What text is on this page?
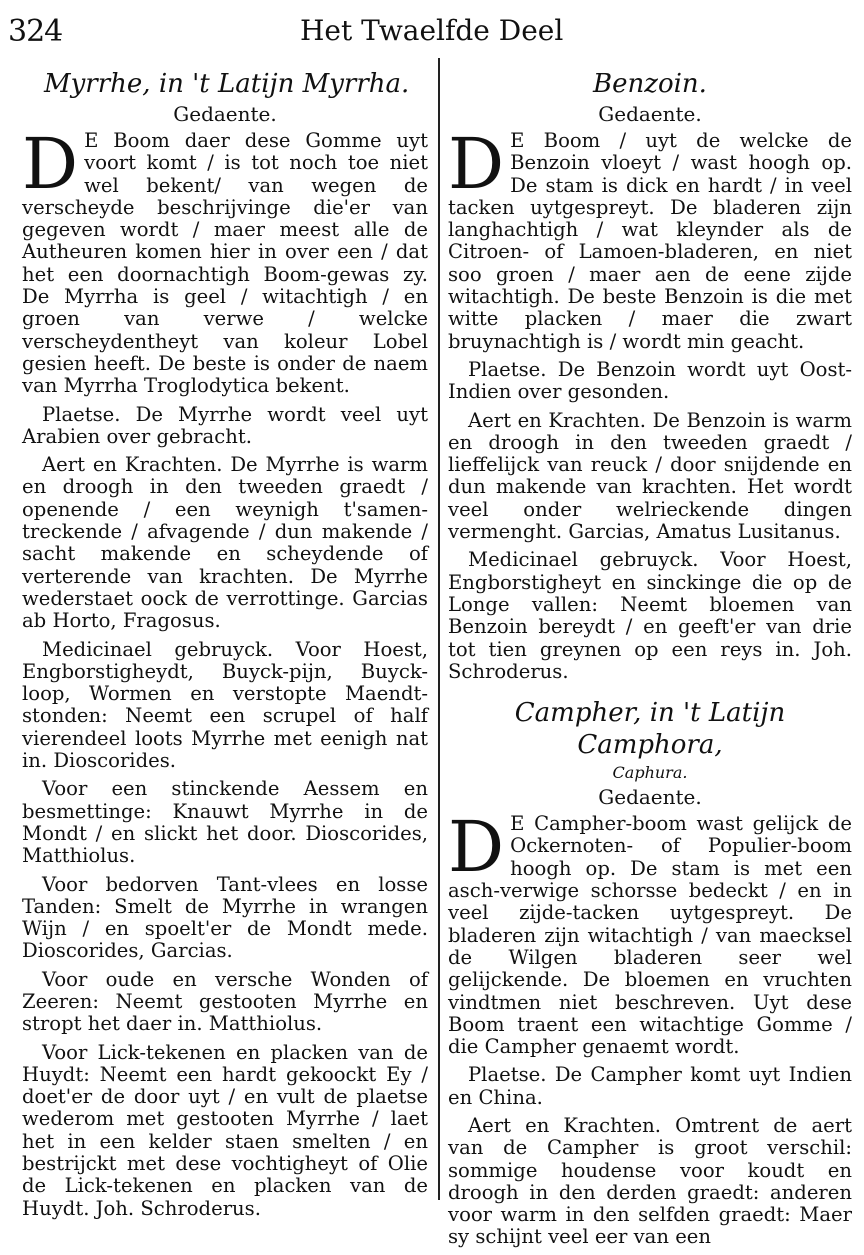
324	Het Twaelfde Deel
Myrrhe, in 't Latijn Myrrha.
Gedaente.

D E Boom daer dese Gomme uyt voort komt / is tot noch toe niet wel bekent/ van wegen de verscheyde beschrijvinge die'er van gegeven wordt / maer meest alle de Autheuren komen hier in over een / dat het een doornachtigh Boom-gewas zy. De Myrrha is geel / witachtigh / en groen van verwe / welcke verscheydentheyt van koleur Lobel gesien heeft. De beste is onder de naem van Myrrha Troglodytica bekent.

Plaetse. De Myrrhe wordt veel uyt Arabien over gebracht.

Aert en Krachten. De Myrrhe is warm en droogh in den tweeden graedt / openende / een weynigh t'samen-treckende / afvagende / dun makende / sacht makende en scheydende of verterende van krachten. De Myrrhe wederstaet oock de verrottinge. Garcias ab Horto, Fragosus.

Medicinael gebruyck. Voor Hoest, Engborstigheydt, Buyck-pijn, Buyck-loop, Wormen en verstopte Maendt-stonden: Neemt een scrupel of half vierendeel loots Myrrhe met eenigh nat in. Dioscorides.

Voor een stinckende Aessem en besmettinge: Knauwt Myrrhe in de Mondt / en slickt het door. Dioscorides, Matthiolus.

Voor bedorven Tant-vlees en losse Tanden: Smelt de Myrrhe in wrangen Wijn / en spoelt'er de Mondt mede. Dioscorides, Garcias.

Voor oude en versche Wonden of Zeeren: Neemt gestooten Myrrhe en stropt het daer in. Matthiolus.

Voor Lick-tekenen en placken van de Huydt: Neemt een hardt gekoockt Ey / doet'er de door uyt / en vult de plaetse wederom met gestooten Myrrhe / laet het in een kelder staen smelten / en bestrijckt met dese vochtigheyt of Olie de Lick-tekenen en placken van de Huydt. Joh. Schroderus.

Benzoin.
Gedaente.

D E Boom / uyt de welcke de Benzoin vloeyt / wast hoogh op. De stam is dick en hardt / in veel tacken uytgespreyt. De bladeren zijn langhachtigh / wat kleynder als de Citroen- of Lamoen-bladeren, en niet soo groen / maer aen de eene zijde witachtigh. De beste Benzoin is die met witte placken / maer die zwart bruynachtigh is / wordt min geacht.

Plaetse. De Benzoin wordt uyt Oost-Indien over gesonden.

Aert en Krachten. De Benzoin is warm en droogh in den tweeden graedt / lieffelijck van reuck / door snijdende en dun makende van krachten. Het wordt veel onder welrieckende dingen vermenght. Garcias, Amatus Lusitanus.

Medicinael gebruyck. Voor Hoest, Engborstigheyt en sinckinge die op de Longe vallen: Neemt bloemen van Benzoin bereydt / en geeft'er van drie tot tien greynen op een reys in. Joh. Schroderus.

Campher, in 't Latijn Camphora,
Caphura.
Gedaente.

D E Campher-boom wast gelijck de Ockernoten- of Populier-boom hoogh op. De stam is met een asch-verwige schorsse bedeckt / en in veel zijde-tacken uytgespreyt. De bladeren zijn witachtigh / van maecksel de Wilgen bladeren seer wel gelijckende. De bloemen en vruchten vindtmen niet beschreven. Uyt dese Boom traent een witachtige Gomme / die Campher genaemt wordt.

Plaetse. De Campher komt uyt Indien en China.

Aert en Krachten. Omtrent de aert van de Campher is groot verschil: sommige houdense voor koudt en droogh in den derden graedt: anderen voor warm in den selfden graedt: Maer sy schijnt veel eer van een
